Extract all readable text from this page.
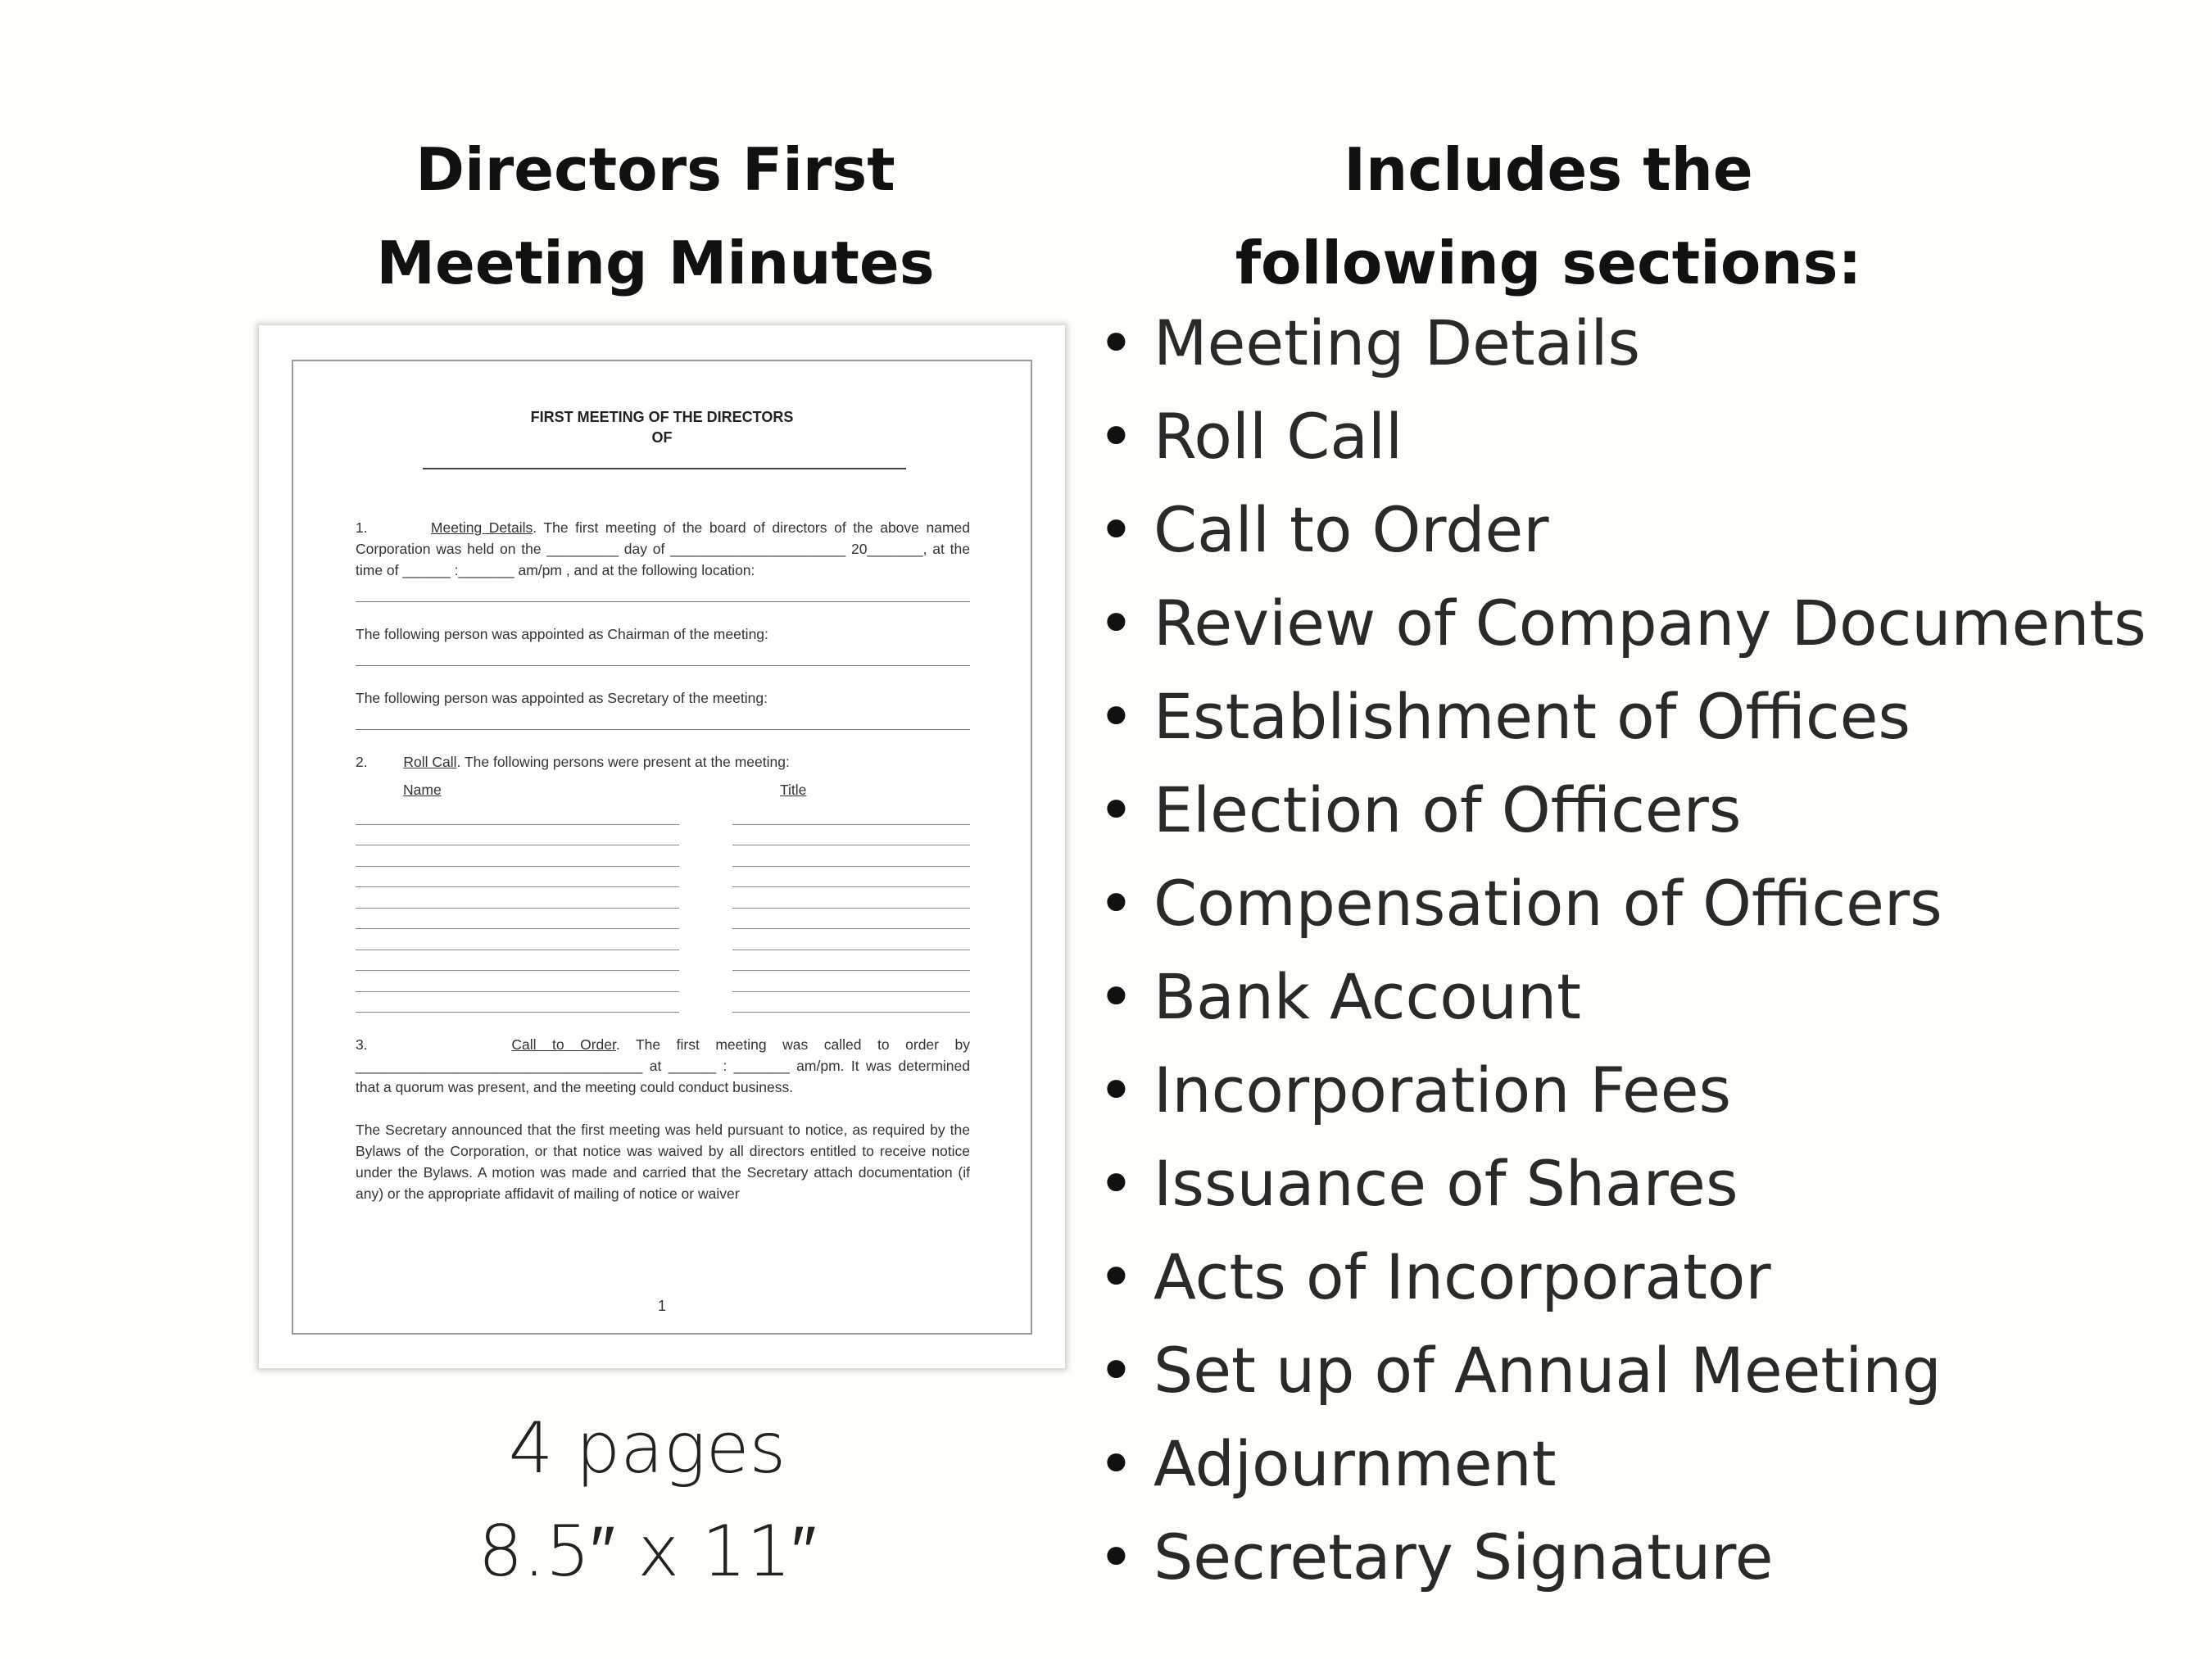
Directors First
Meeting Minutes
Includes the
following sections:
FIRST MEETING OF THE DIRECTORS
OF
1.	Meeting Details. The first meeting of the board of directors of the above named Corporation was held on the _________ day of ______________________ 20_______, at the time of ______ :_______ am/pm , and at the following location:
The following person was appointed as Chairman of the meeting:
The following person was appointed as Secretary of the meeting:
2.	Roll Call. The following persons were present at the meeting:
Name	Title
3.	Call to Order. The first meeting was called to order by ____________________________________ at ______ : _______ am/pm. It was determined that a quorum was present, and the meeting could conduct business.
The Secretary announced that the first meeting was held pursuant to notice, as required by the Bylaws of the Corporation, or that notice was waived by all directors entitled to receive notice under the Bylaws. A motion was made and carried that the Secretary attach documentation (if any) or the appropriate affidavit of mailing of notice or waiver
1
4 pages
8.5″ x 11″
• Meeting Details
• Roll Call
• Call to Order
• Review of Company Documents
• Establishment of Offices
• Election of Officers
• Compensation of Officers
• Bank Account
• Incorporation Fees
• Issuance of Shares
• Acts of Incorporator
• Set up of Annual Meeting
• Adjournment
• Secretary Signature
